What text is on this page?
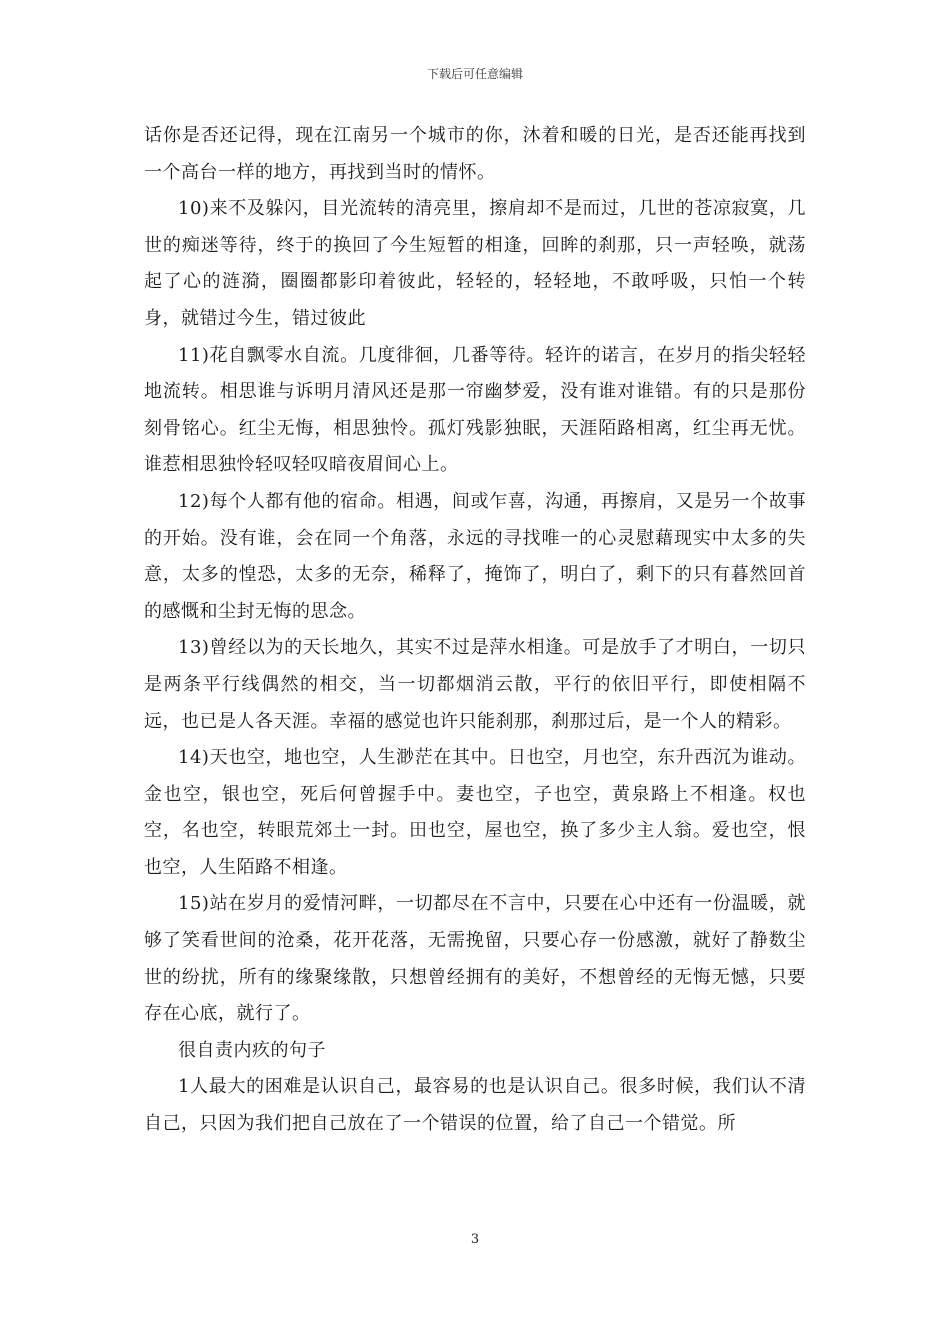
下载后可任意编辑

话你是否还记得，现在江南另一个城市的你，沐着和暖的日光，是否还能再找到一个高台一样的地方，再找到当时的情怀。

10)来不及躲闪，目光流转的清亮里，擦肩却不是而过，几世的苍凉寂寞，几世的痴迷等待，终于的换回了今生短暂的相逢，回眸的刹那，只一声轻唤，就荡起了心的涟漪，圈圈都影印着彼此，轻轻的，轻轻地，不敢呼吸，只怕一个转身，就错过今生，错过彼此

11)花自飘零水自流。几度徘徊，几番等待。轻许的诺言，在岁月的指尖轻轻地流转。相思谁与诉明月清风还是那一帘幽梦爱，没有谁对谁错。有的只是那份刻骨铭心。红尘无悔，相思独怜。孤灯残影独眠，天涯陌路相离，红尘再无忧。谁惹相思独怜轻叹轻叹暗夜眉间心上。

12)每个人都有他的宿命。相遇，间或乍喜，沟通，再擦肩，又是另一个故事的开始。没有谁，会在同一个角落，永远的寻找唯一的心灵慰藉现实中太多的失意，太多的惶恐，太多的无奈，稀释了，掩饰了，明白了，剩下的只有暮然回首的感慨和尘封无悔的思念。

13)曾经以为的天长地久，其实不过是萍水相逢。可是放手了才明白，一切只是两条平行线偶然的相交，当一切都烟消云散，平行的依旧平行，即使相隔不远，也已是人各天涯。幸福的感觉也许只能刹那，刹那过后，是一个人的精彩。

14)天也空，地也空，人生渺茫在其中。日也空，月也空，东升西沉为谁动。金也空，银也空，死后何曾握手中。妻也空，子也空，黄泉路上不相逢。权也空，名也空，转眼荒郊土一封。田也空，屋也空，换了多少主人翁。爱也空，恨也空，人生陌路不相逢。

15)站在岁月的爱情河畔，一切都尽在不言中，只要在心中还有一份温暖，就够了笑看世间的沧桑，花开花落，无需挽留，只要心存一份感激，就好了静数尘世的纷扰，所有的缘聚缘散，只想曾经拥有的美好，不想曾经的无悔无憾，只要存在心底，就行了。

很自责内疚的句子

1人最大的困难是认识自己，最容易的也是认识自己。很多时候，我们认不清自己，只因为我们把自己放在了一个错误的位置，给了自己一个错觉。所

3
